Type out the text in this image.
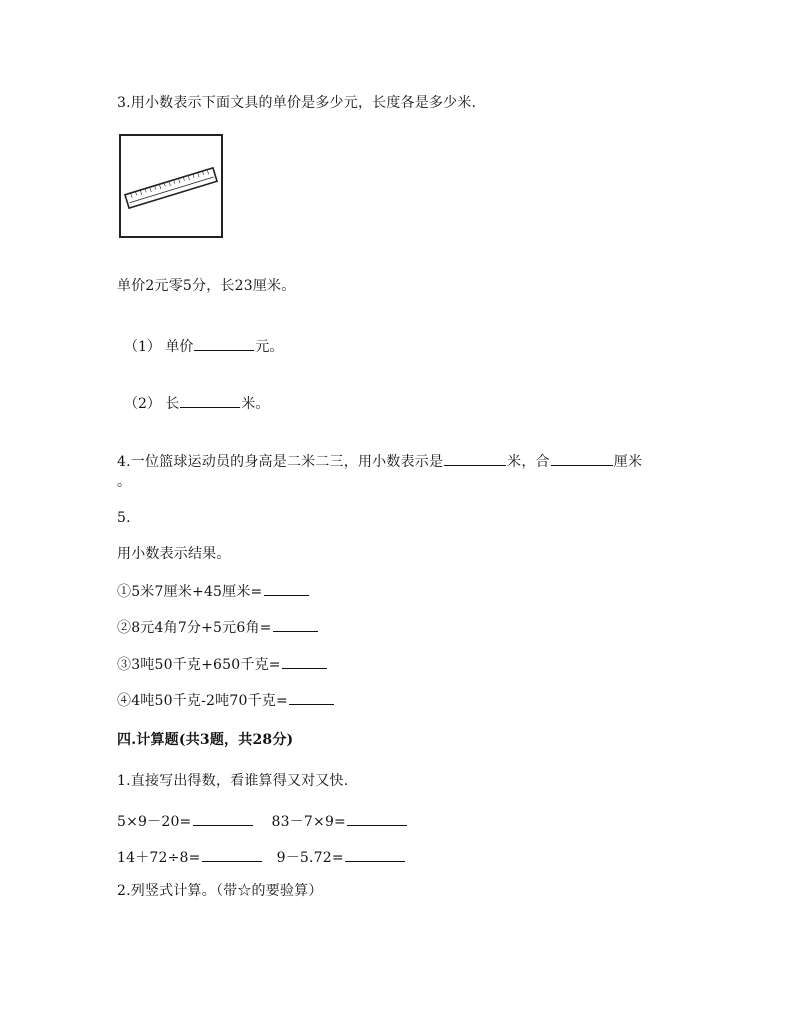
3.用小数表示下面文具的单价是多少元，长度各是多少米.
单价2元零5分，长23厘米。
（1） 单价	元。
（2） 长	米。
4.一位篮球运动员的身高是二米二三，用小数表示是	米，合	厘米
。
5.
用小数表示结果。
①5米7厘米+45厘米=
②8元4角7分+5元6角=
③3吨50千克+650千克=
④4吨50千克-2吨70千克=
四.计算题(共3题，共28分)
1.直接写出得数，看谁算得又对又快.
5×9－20=	83－7×9=
14＋72÷8=	9－5.72=
2.列竖式计算。（带☆的要验算）
